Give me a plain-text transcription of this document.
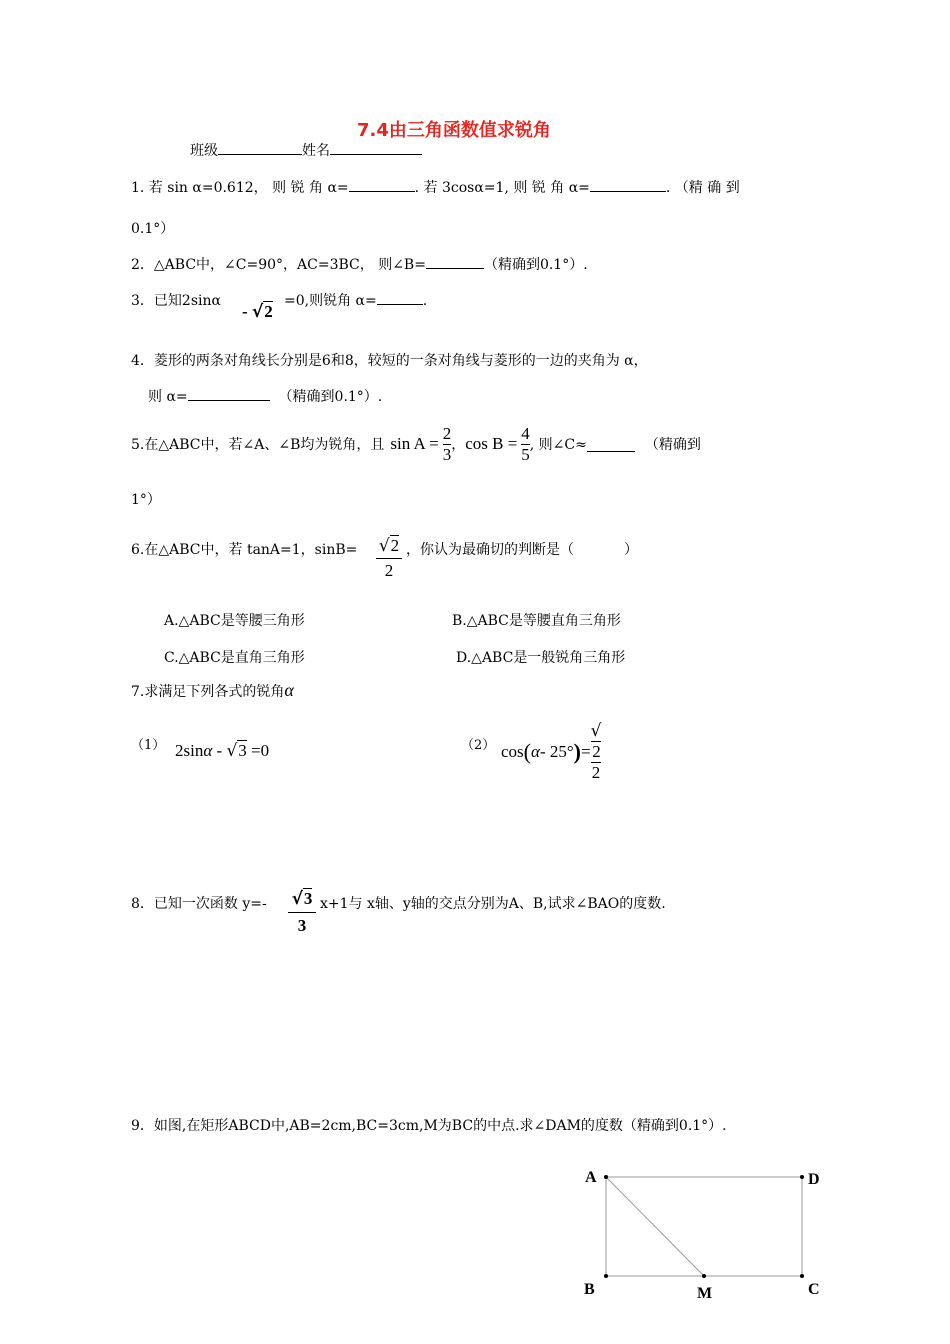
7.4由三角函数值求锐角
班级	姓名
1. 若 sin α=0.612， 则 锐 角 α=	. 若 3cosα=1, 则 锐 角 α=	. （精 确 到
0.1°）
2．△ABC中，∠C=90°，AC=3BC， 则∠B=	（精确到0.1°）.
3．已知2sinα
- √2
=0,则锐角 α=	.
4．菱形的两条对角线长分别是6和8，较短的一条对角线与菱形的一边的夹角为 α，
则 α=	（精确到0.1°）.
5.在△ABC中，若∠A、∠B均为锐角，且 $\sin A = \frac{2}{3}$ ， $\cos B = \frac{4}{5}$ , 则∠C≈	（精确到
1°）
6.在△ABC中，若 tanA=1，$\sin B= \frac{√2}{2}$ ，你认为最确切的判断是（	）
A.△ABC是等腰三角形	B.△ABC是等腰直角三角形
C.△ABC是直角三角形	D.△ABC是一般锐角三角形
7.求满足下列各式的锐角α
（1） 2sinα - √3 =0	（2） cos ( α - 25° ) = √
2
2
8．已知一次函数 $y=- \frac{√3}{3} x+1$与 x轴、y轴的交点分别为A、B,试求∠BAO的度数.
9．如图,在矩形ABCD中,AB=2cm,BC=3cm,M为BC的中点.求∠DAM的度数（精确到0.1°）.
A	D
B	C
M
